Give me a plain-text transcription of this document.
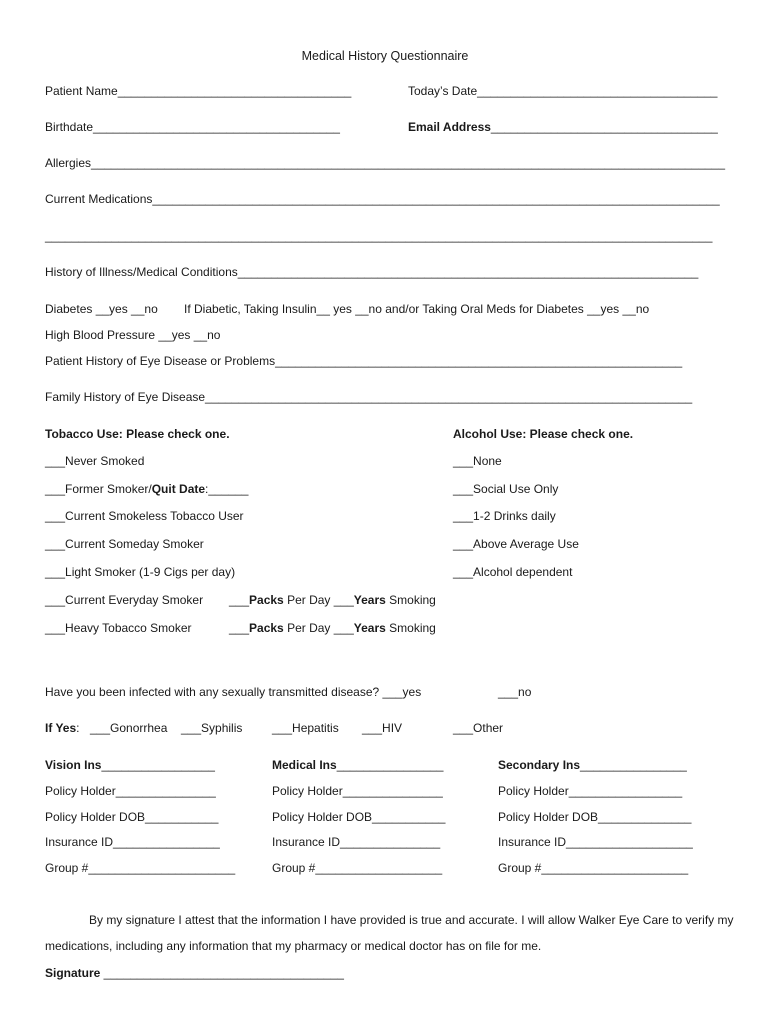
Medical History Questionnaire
Patient Name___________________________________	Today’s Date____________________________________
Birthdate_____________________________________	Email Address__________________________________
Allergies_______________________________________________________________________________________________
Current Medications_____________________________________________________________________________________
____________________________________________________________________________________________________
History of Illness/Medical Conditions_____________________________________________________________________
Diabetes __yes __no If Diabetic, Taking Insulin__ yes __no and/or Taking Oral Meds for Diabetes __yes __no
High Blood Pressure __yes __no
Patient History of Eye Disease or Problems_____________________________________________________________
Family History of Eye Disease_________________________________________________________________________
Tobacco Use: Please check one.	Alcohol Use: Please check one.
___Never Smoked	___None
___Former Smoker/Quit Date:______	___Social Use Only
___Current Smokeless Tobacco User	___1-2 Drinks daily
___Current Someday Smoker	___Above Average Use
___Light Smoker (1-9 Cigs per day)	___Alcohol dependent
___Current Everyday Smoker ___Packs Per Day ___Years Smoking
___Heavy Tobacco Smoker	___Packs Per Day ___Years Smoking
Have you been infected with any sexually transmitted disease? ___yes	___no
If Yes: ___Gonorrhea ___Syphilis ___Hepatitis ___HIV	___Other
Vision Ins_________________	Medical Ins________________	Secondary Ins________________
Policy Holder_______________	Policy Holder_______________	Policy Holder_________________
Policy Holder DOB___________	Policy Holder DOB___________	Policy Holder DOB______________
Insurance ID________________	Insurance ID_______________	Insurance ID___________________
Group #______________________	Group #___________________	Group #______________________
By my signature I attest that the information I have provided is true and accurate. I will allow Walker Eye Care to verify my medications, including any information that my pharmacy or medical doctor has on file for me.
Signature ____________________________________
